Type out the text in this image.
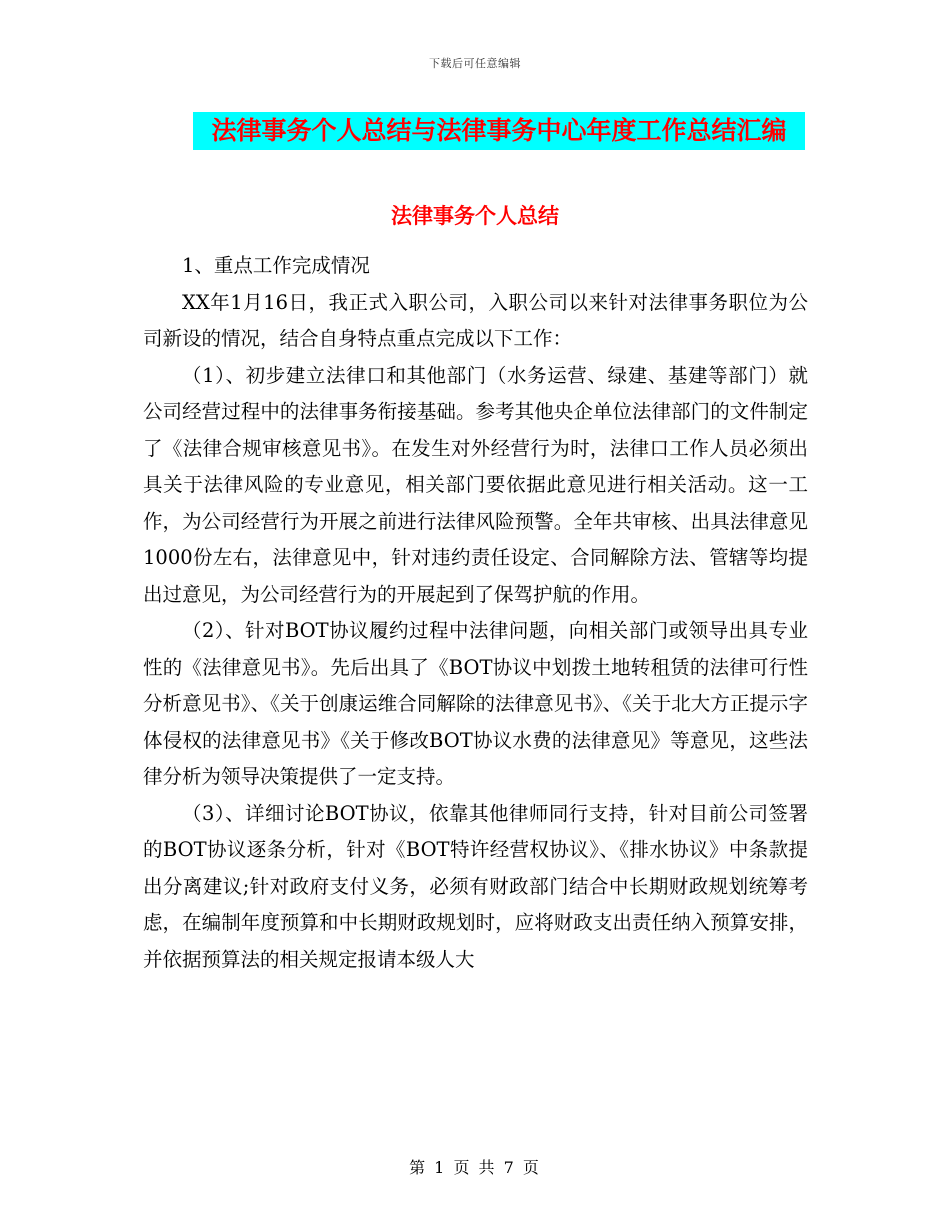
下载后可任意编辑
法律事务个人总结与法律事务中心年度工作总结汇编
法律事务个人总结

1、重点工作完成情况

XX年1月16日，我正式入职公司，入职公司以来针对法律事务职位为公司新设的情况，结合自身特点重点完成以下工作：

（1）、初步建立法律口和其他部门（水务运营、绿建、基建等部门）就公司经营过程中的法律事务衔接基础。参考其他央企单位法律部门的文件制定了《法律合规审核意见书》。在发生对外经营行为时，法律口工作人员必须出具关于法律风险的专业意见，相关部门要依据此意见进行相关活动。这一工作，为公司经营行为开展之前进行法律风险预警。全年共审核、出具法律意见1000份左右，法律意见中，针对违约责任设定、合同解除方法、管辖等均提出过意见，为公司经营行为的开展起到了保驾护航的作用。

（2）、针对BOT协议履约过程中法律问题，向相关部门或领导出具专业性的《法律意见书》。先后出具了《BOT协议中划拨土地转租赁的法律可行性分析意见书》、《关于创康运维合同解除的法律意见书》、《关于北大方正提示字体侵权的法律意见书》《关于修改BOT协议水费的法律意见》等意见，这些法律分析为领导决策提供了一定支持。

（3）、详细讨论BOT协议，依靠其他律师同行支持，针对目前公司签署的BOT协议逐条分析，针对《BOT特许经营权协议》、《排水协议》中条款提出分离建议;针对政府支付义务，必须有财政部门结合中长期财政规划统筹考虑，在编制年度预算和中长期财政规划时，应将财政支出责任纳入预算安排，并依据预算法的相关规定报请本级人大

第 1 页 共 7 页
